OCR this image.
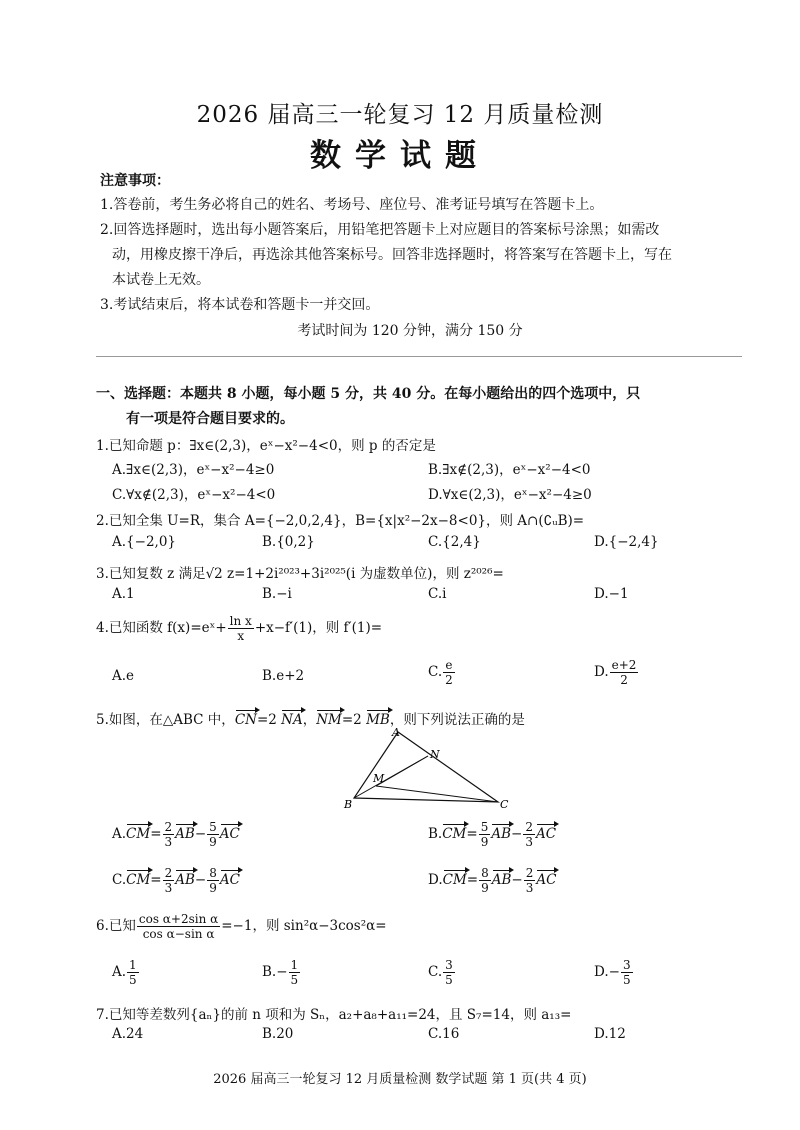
2026 届高三一轮复习 12 月质量检测
数学试题
注意事项：
1.答卷前，考生务必将自己的姓名、考场号、座位号、准考证号填写在答题卡上。
2.回答选择题时，选出每小题答案后，用铅笔把答题卡上对应题目的答案标号涂黑；如需改
动，用橡皮擦干净后，再选涂其他答案标号。回答非选择题时，将答案写在答题卡上，写在
本试卷上无效。
3.考试结束后，将本试卷和答题卡一并交回。
考试时间为 120 分钟，满分 150 分
一、选择题：本题共 8 小题，每小题 5 分，共 40 分。在每小题给出的四个选项中，只
有一项是符合题目要求的。
1.已知命题 p：∃x∈(2,3)，eˣ−x²−4<0，则 p 的否定是
A.∃x∈(2,3)，eˣ−x²−4≥0	B.∃x∉(2,3)，eˣ−x²−4<0
C.∀x∉(2,3)，eˣ−x²−4<0	D.∀x∈(2,3)，eˣ−x²−4≥0
2.已知全集 U=R，集合 A={−2,0,2,4}，B={x|x²−2x−8<0}，则 A∩(∁ᵤB)=
A.{−2,0}	B.{0,2}	C.{2,4}	D.{−2,4}
3.已知复数 z 满足√2 z=1+2i²⁰²³+3i²⁰²⁵(i 为虚数单位)，则 z²⁰²⁶=
A.1	B.−i	C.i	D.−1
4.已知函数 f(x)=eˣ+ $\frac{\text{ln x}}{x} +x-f'(1)$，则 f′(1)=
A.e	B.e+2	C. $\frac{e}{2}$	D. $\frac{e+2}{2}$
5.如图，在△ABC 中，CN=2 NA，NM=2 MB，则下列说法正确的是
A
N
M
B	C
$A.CM= \frac{2}{3} AB- \frac{5}{9}$ AC	$B.CM= \frac{5}{9} AB- \frac{2}{3}$ AC
$C.CM= \frac{2}{3} AB- \frac{8}{9}$ AC	$D.CM= \frac{8}{9} AB- \frac{2}{3}$ AC
6.已知 $\frac{\text{cos α+2sin α}}{\text{cos α−sin α}} =-1$，则 sin²α−3cos²α=
A. $\frac{1}{5}$	$B.- \frac{1}{5}$	C. $\frac{3}{5}$	$D.- \frac{3}{5}$
7.已知等差数列{aₙ}的前 n 项和为 Sₙ，a₂+a₈+a₁₁=24，且 S₇=14，则 a₁₃=
A.24	B.20	C.16	D.12
2026 届高三一轮复习 12 月质量检测 数学试题 第 1 页(共 4 页)
